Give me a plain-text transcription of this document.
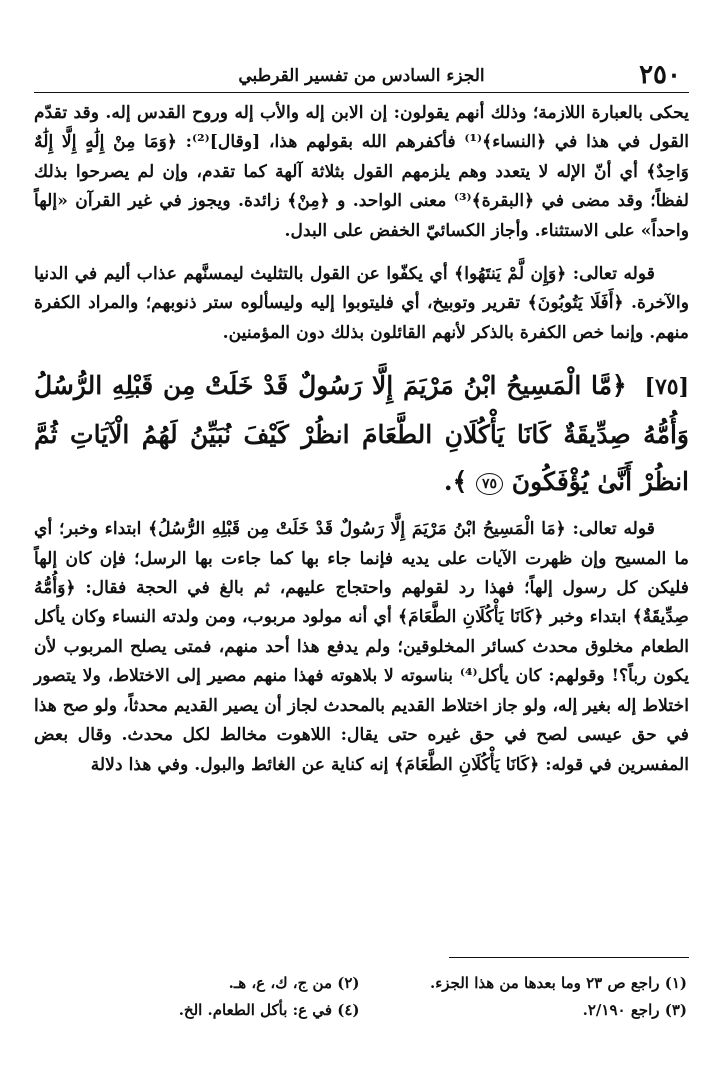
٢٥٠
الجزء السادس من تفسير القرطبي

يحكى بالعبارة اللازمة؛ وذلك أنهم يقولون: إن الابن إله والأب إله وروح القدس إله. وقد تقدّم القول في هذا في ﴿النساء﴾⁽¹⁾ فأكفرهم الله بقولهم هذا، [وقال]⁽²⁾: ﴿وَمَا مِنْ إِلَٰهٍ إِلَّا إِلَٰهٌ وَاحِدٌ﴾ أي أنّ الإله لا يتعدد وهم يلزمهم القول بثلاثة آلهة كما تقدم، وإن لم يصرحوا بذلك لفظاً؛ وقد مضى في ﴿البقرة﴾⁽³⁾ معنى الواحد. و ﴿مِنْ﴾ زائدة. ويجوز في غير القرآن «إلهاً واحداً» على الاستثناء. وأجاز الكسائيّ الخفض على البدل.

قوله تعالى: ﴿وَإِن لَّمْ يَنتَهُوا﴾ أي يكفّوا عن القول بالتثليث ليمسنَّهم عذاب أليم في الدنيا والآخرة. ﴿أَفَلَا يَتُوبُونَ﴾ تقرير وتوبيخ، أي فليتوبوا إليه وليسألوه ستر ذنوبهم؛ والمراد الكفرة منهم. وإنما خص الكفرة بالذكر لأنهم القائلون بذلك دون المؤمنين.

[٧٥] ﴿مَّا الْمَسِيحُ ابْنُ مَرْيَمَ إِلَّا رَسُولٌ قَدْ خَلَتْ مِن قَبْلِهِ الرُّسُلُ وَأُمُّهُ صِدِّيقَةٌ كَانَا يَأْكُلَانِ الطَّعَامَ انظُرْ كَيْفَ نُبَيِّنُ لَهُمُ الْآيَاتِ ثُمَّ انظُرْ أَنَّىٰ يُؤْفَكُونَ ٧٥ ﴾.

قوله تعالى: ﴿مَا الْمَسِيحُ ابْنُ مَرْيَمَ إِلَّا رَسُولٌ قَدْ خَلَتْ مِن قَبْلِهِ الرُّسُلُ﴾ ابتداء وخبر؛ أي ما المسيح وإن ظهرت الآيات على يديه فإنما جاء بها كما جاءت بها الرسل؛ فإن كان إلهاً فليكن كل رسول إلهاً؛ فهذا رد لقولهم واحتجاج عليهم، ثم بالغ في الحجة فقال: ﴿وَأُمُّهُ صِدِّيقَةٌ﴾ ابتداء وخبر ﴿كَانَا يَأْكُلَانِ الطَّعَامَ﴾ أي أنه مولود مربوب، ومن ولدته النساء وكان يأكل الطعام مخلوق محدث كسائر المخلوقين؛ ولم يدفع هذا أحد منهم، فمتى يصلح المربوب لأن يكون رباً؟! وقولهم: كان يأكل⁽⁴⁾ بناسوته لا بلاهوته فهذا منهم مصير إلى الاختلاط، ولا يتصور اختلاط إله بغير إله، ولو جاز اختلاط القديم بالمحدث لجاز أن يصير القديم محدثاً، ولو صح هذا في حق عيسى لصح في حق غيره حتى يقال: اللاهوت مخالط لكل محدث. وقال بعض المفسرين في قوله: ﴿كَانَا يَأْكُلَانِ الطَّعَامَ﴾ إنه كناية عن الغائط والبول. وفي هذا دلالة

(١) راجع ص ٢٣ وما بعدها من هذا الجزء.
(٢) من ج، ك، ع، هـ.
(٣) راجع ٢/١٩٠.
(٤) في ع: بأكل الطعام. الخ.
